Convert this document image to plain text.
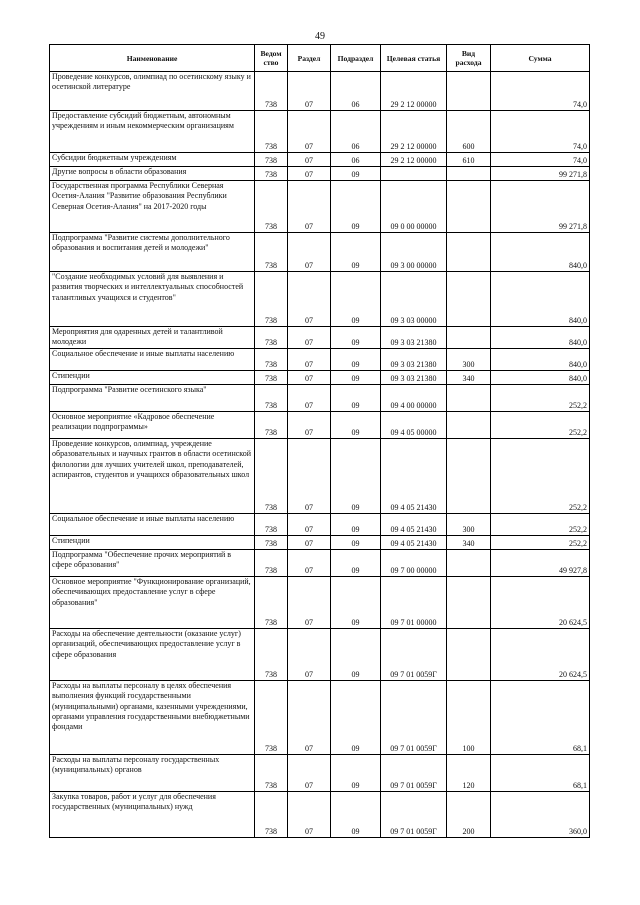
49
Наименование	Ведом ство	Раздел	Подраздел	Целевая статья	Вид расхода	Сумма
Проведение конкурсов, олимпиад по осетинскому языку и осетинской литературе	738	07	06	29 2 12 00000		74,0
Предоставление субсидий бюджетным, автономным учреждениям и иным некоммерческим организациям	738	07	06	29 2 12 00000	600	74,0
Субсидии бюджетным учреждениям	738	07	06	29 2 12 00000	610	74,0
Другие вопросы в области образования	738	07	09			99 271,8
Государственная программа Республики Северная Осетия-Алания "Развитие образования Республики Северная Осетия-Алания" на 2017-2020 годы	738	07	09	09 0 00 00000		99 271,8
Подпрограмма "Развитие системы дополнительного образования и воспитания детей и молодежи"	738	07	09	09 3 00 00000		840,0
"Создание необходимых условий для выявления и развития творческих и интеллектуальных способностей талантливых учащихся и студентов"	738	07	09	09 3 03 00000		840,0
Мероприятия для одаренных детей и талантливой молодежи	738	07	09	09 3 03 21380		840,0
Социальное обеспечение и иные выплаты населению	738	07	09	09 3 03 21380	300	840,0
Стипендии	738	07	09	09 3 03 21380	340	840,0
Подпрограмма "Развитие осетинского языка"	738	07	09	09 4 00 00000		252,2
Основное мероприятие «Кадровое обеспечение реализации подпрограммы»	738	07	09	09 4 05 00000		252,2
Проведение конкурсов, олимпиад, учреждение образовательных и научных грантов в области осетинской филологии для лучших учителей школ, преподавателей, аспирантов, студентов и учащихся образовательных школ	738	07	09	09 4 05 21430		252,2
Социальное обеспечение и иные выплаты населению	738	07	09	09 4 05 21430	300	252,2
Стипендии	738	07	09	09 4 05 21430	340	252,2
Подпрограмма "Обеспечение прочих мероприятий в сфере образования"	738	07	09	09 7 00 00000		49 927,8
Основное мероприятие "Функционирование организаций, обеспечивающих предоставление услуг в сфере образования"	738	07	09	09 7 01 00000		20 624,5
Расходы на обеспечение деятельности (оказание услуг) организаций, обеспечивающих предоставление услуг в сфере образования	738	07	09	09 7 01 0059Г		20 624,5
Расходы на выплаты персоналу в целях обеспечения выполнения функций государственными (муниципальными) органами, казенными учреждениями, органами управления государственными внебюджетными фондами	738	07	09	09 7 01 0059Г	100	68,1
Расходы на выплаты персоналу государственных (муниципальных) органов	738	07	09	09 7 01 0059Г	120	68,1
Закупка товаров, работ и услуг для обеспечения государственных (муниципальных) нужд	738	07	09	09 7 01 0059Г	200	360,0
